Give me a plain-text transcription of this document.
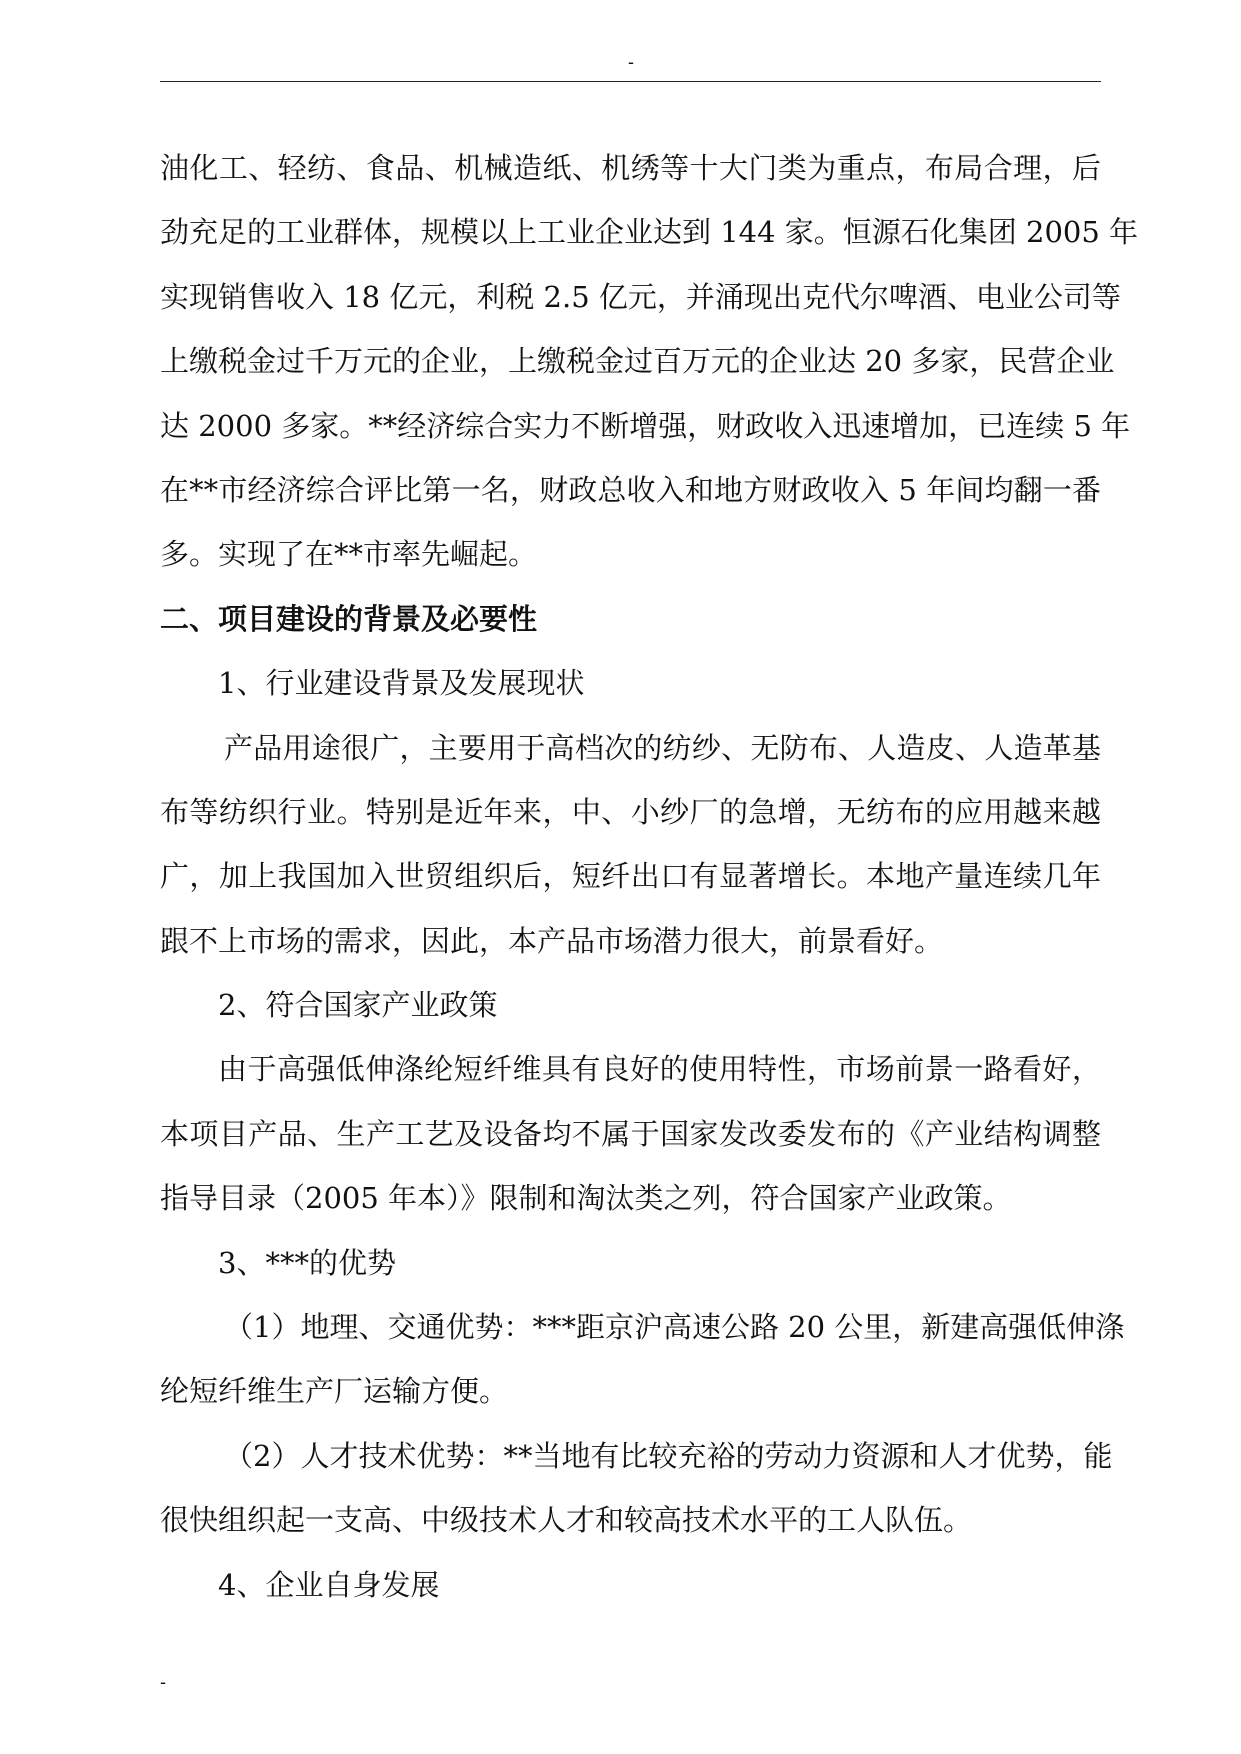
-
油化工、轻纺、食品、机械造纸、机绣等十大门类为重点，布局合理，后
劲充足的工业群体，规模以上工业企业达到 144 家。恒源石化集团 2005 年
实现销售收入 18 亿元，利税 2.5 亿元，并涌现出克代尔啤酒、电业公司等
上缴税金过千万元的企业，上缴税金过百万元的企业达 20 多家，民营企业
达 2000 多家。**经济综合实力不断增强，财政收入迅速增加，已连续 5 年
在**市经济综合评比第一名，财政总收入和地方财政收入 5 年间均翻一番
多。实现了在**市率先崛起。
二、项目建设的背景及必要性
1、行业建设背景及发展现状
产品用途很广，主要用于高档次的纺纱、无防布、人造皮、人造革基
布等纺织行业。特别是近年来，中、小纱厂的急增，无纺布的应用越来越
广，加上我国加入世贸组织后，短纤出口有显著增长。本地产量连续几年
跟不上市场的需求，因此，本产品市场潜力很大，前景看好。
2、符合国家产业政策
由于高强低伸涤纶短纤维具有良好的使用特性，市场前景一路看好，
本项目产品、生产工艺及设备均不属于国家发改委发布的《产业结构调整
指导目录（2005 年本）》限制和淘汰类之列，符合国家产业政策。
3、***的优势
（1）地理、交通优势：***距京沪高速公路 20 公里，新建高强低伸涤
纶短纤维生产厂运输方便。
（2）人才技术优势：**当地有比较充裕的劳动力资源和人才优势，能
很快组织起一支高、中级技术人才和较高技术水平的工人队伍。
4、企业自身发展
-
